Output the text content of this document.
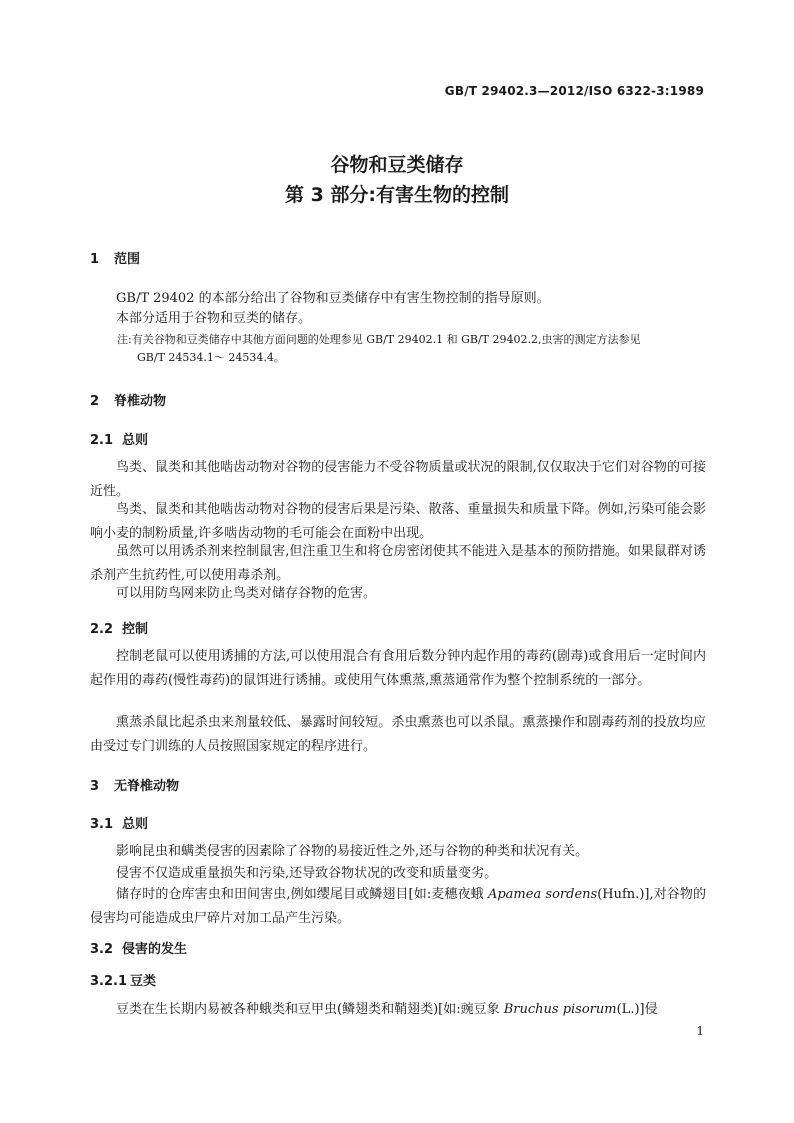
GB/T 29402.3—2012/ISO 6322-3:1989
谷物和豆类储存
第 3 部分:有害生物的控制
1 范围
GB/T 29402 的本部分给出了谷物和豆类储存中有害生物控制的指导原则。
本部分适用于谷物和豆类的储存。
注:有关谷物和豆类储存中其他方面问题的处理参见 GB/T 29402.1 和 GB/T 29402.2,虫害的测定方法参见
GB/T 24534.1～ 24534.4。
2 脊椎动物
2.1 总则
鸟类、鼠类和其他啮齿动物对谷物的侵害能力不受谷物质量或状况的限制,仅仅取决于它们对谷物的可接近性。
鸟类、鼠类和其他啮齿动物对谷物的侵害后果是污染、散落、重量损失和质量下降。例如,污染可能会影响小麦的制粉质量,许多啮齿动物的毛可能会在面粉中出现。
虽然可以用诱杀剂来控制鼠害,但注重卫生和将仓房密闭使其不能进入是基本的预防措施。如果鼠群对诱杀剂产生抗药性,可以使用毒杀剂。
可以用防鸟网来防止鸟类对储存谷物的危害。
2.2 控制
控制老鼠可以使用诱捕的方法,可以使用混合有食用后数分钟内起作用的毒药(剧毒)或食用后一定时间内起作用的毒药(慢性毒药)的鼠饵进行诱捕。或使用气体熏蒸,熏蒸通常作为整个控制系统的一部分。
熏蒸杀鼠比起杀虫来剂量较低、暴露时间较短。杀虫熏蒸也可以杀鼠。熏蒸操作和剧毒药剂的投放均应由受过专门训练的人员按照国家规定的程序进行。
3 无脊椎动物
3.1 总则
影响昆虫和螨类侵害的因素除了谷物的易接近性之外,还与谷物的种类和状况有关。
侵害不仅造成重量损失和污染,还导致谷物状况的改变和质量变劣。
储存时的仓库害虫和田间害虫,例如缨尾目或鳞翅目[如:麦穗夜蛾 Apamea sordens(Hufn.)],对谷物的侵害均可能造成虫尸碎片对加工品产生污染。
3.2 侵害的发生
3.2.1 豆类
豆类在生长期内易被各种蛾类和豆甲虫(鳞翅类和鞘翅类)[如:豌豆象 Bruchus pisorum(L.)]侵
1
